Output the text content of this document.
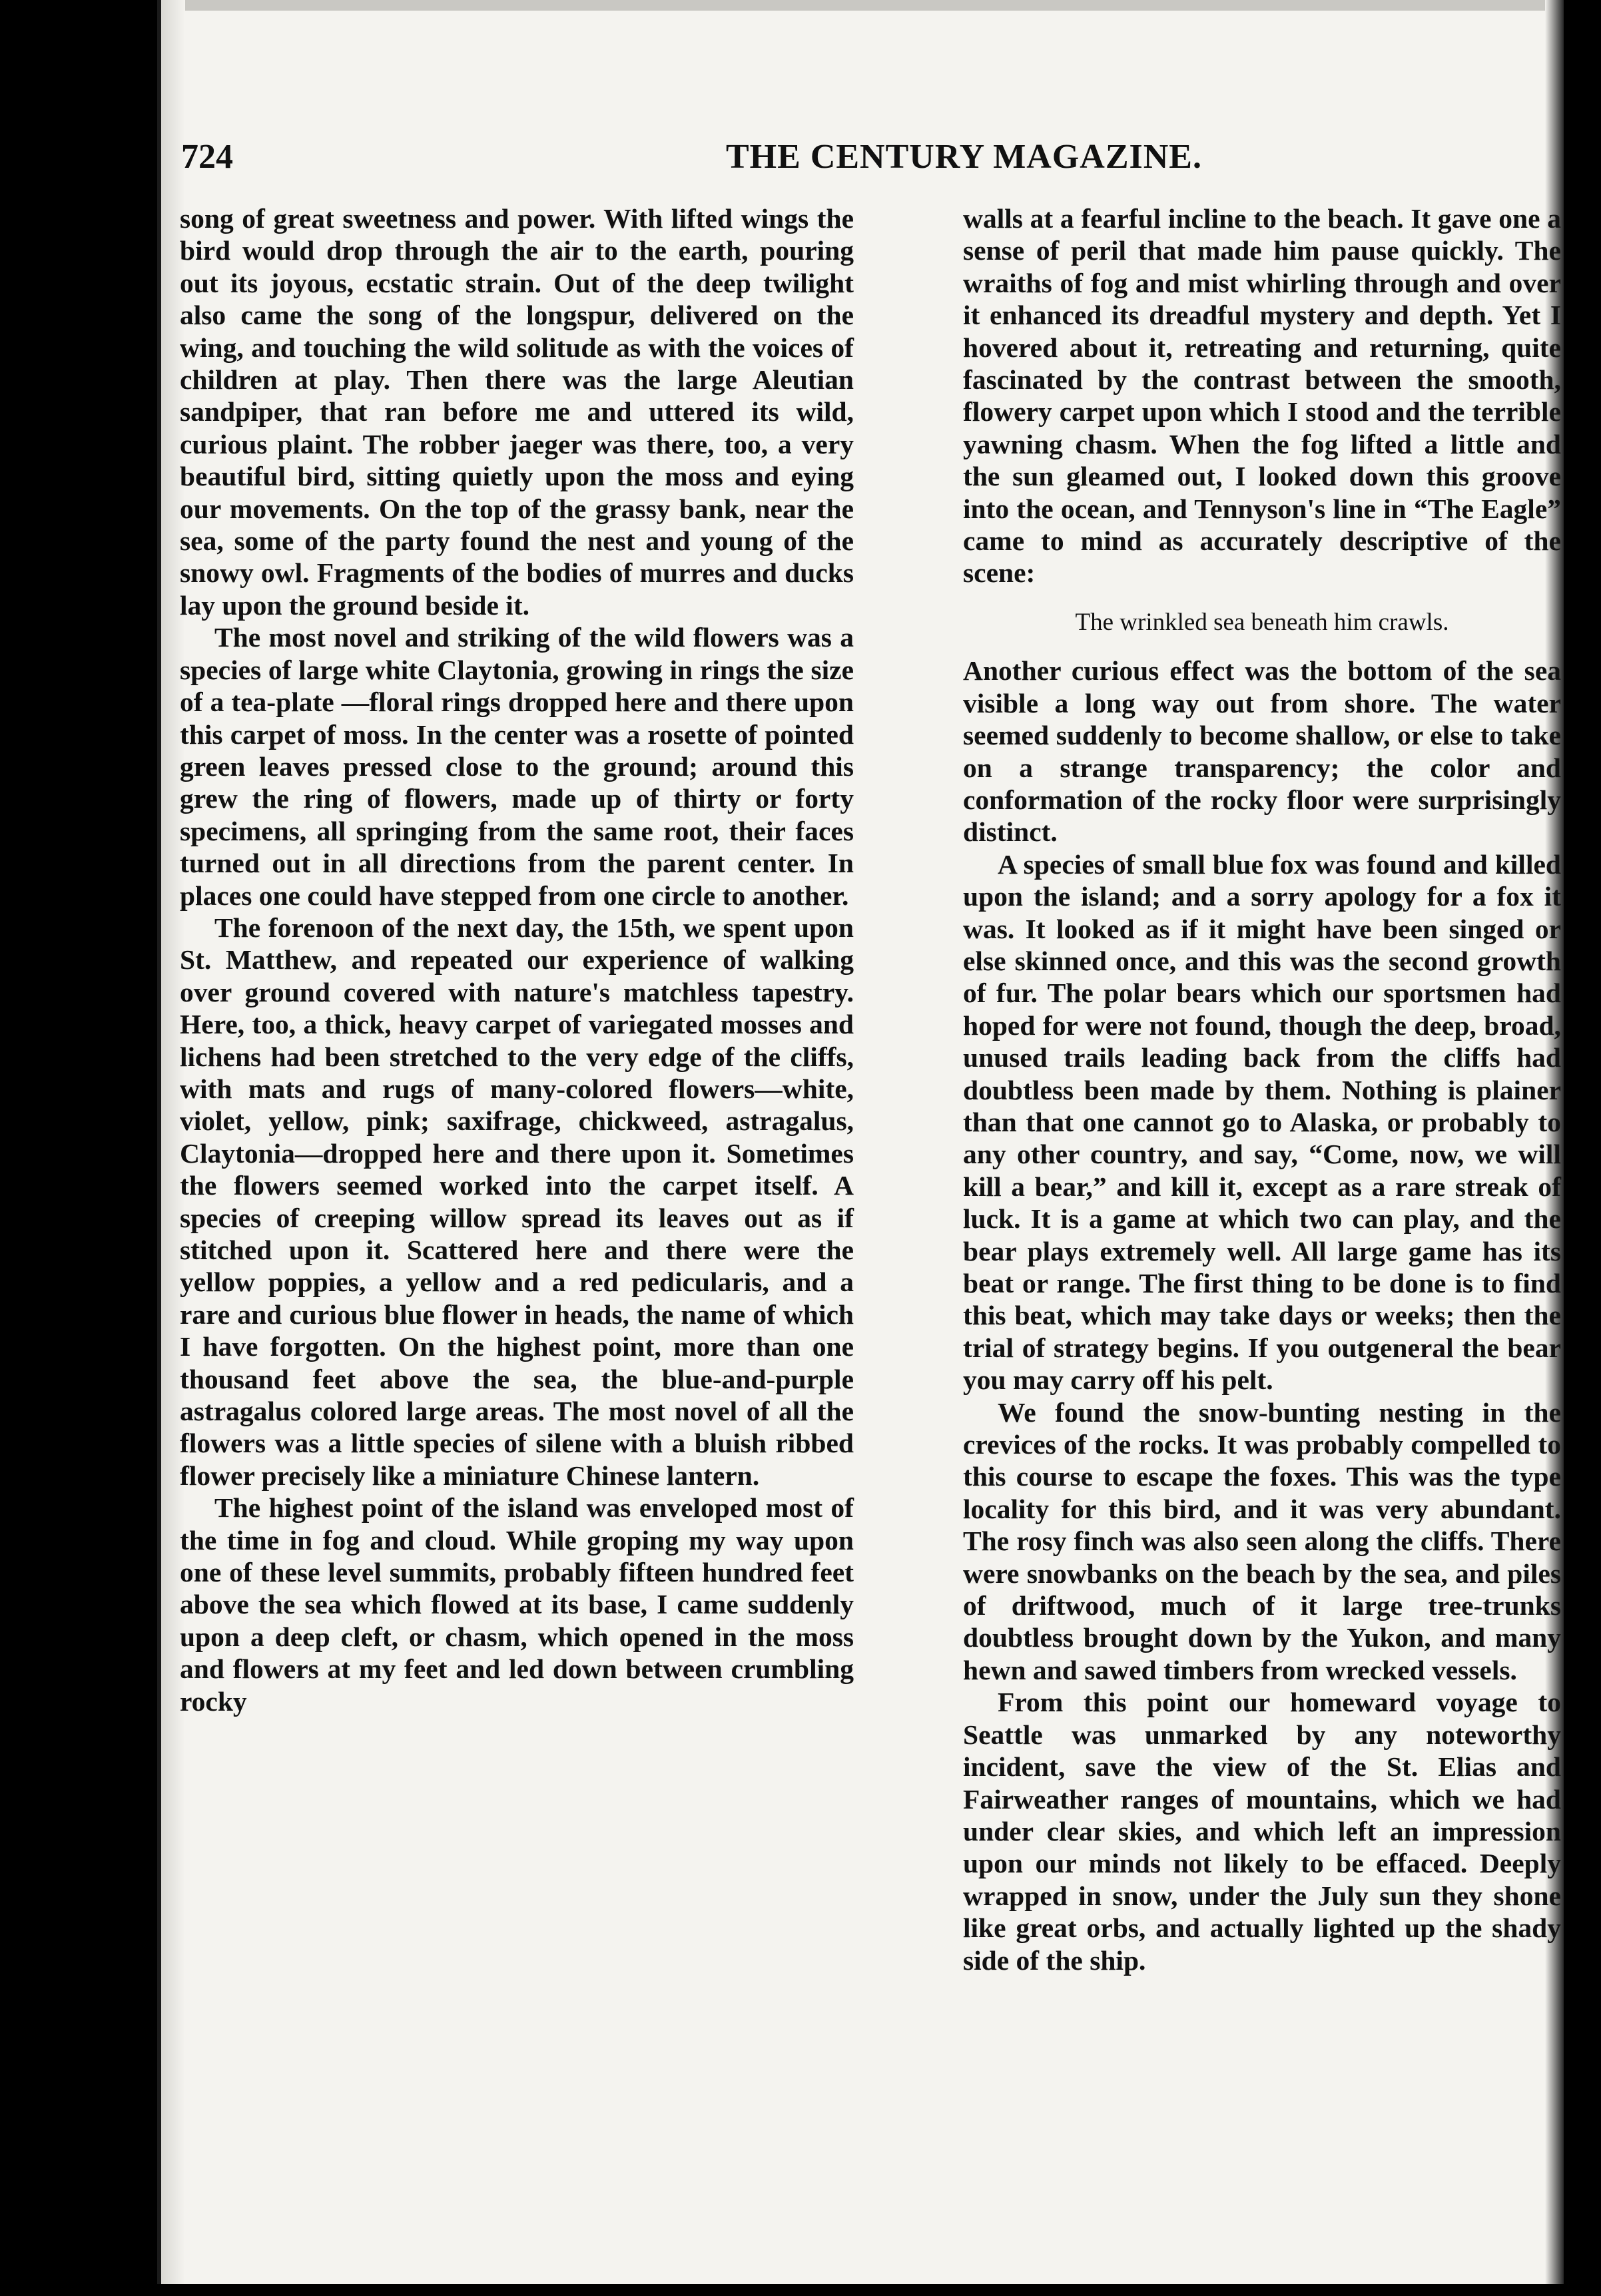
724	THE CENTURY MAGAZINE.

song of great sweetness and power. With lifted wings the bird would drop through the air to the earth, pouring out its joyous, ecstatic strain. Out of the deep twilight also came the song of the longspur, delivered on the wing, and touching the wild solitude as with the voices of children at play. Then there was the large Aleutian sandpiper, that ran before me and uttered its wild, curious plaint. The robber jaeger was there, too, a very beautiful bird, sitting quietly upon the moss and eying our movements. On the top of the grassy bank, near the sea, some of the party found the nest and young of the snowy owl. Fragments of the bodies of murres and ducks lay upon the ground beside it.

The most novel and striking of the wild flowers was a species of large white Claytonia, growing in rings the size of a tea-plate —floral rings dropped here and there upon this carpet of moss. In the center was a rosette of pointed green leaves pressed close to the ground; around this grew the ring of flowers, made up of thirty or forty specimens, all springing from the same root, their faces turned out in all directions from the parent center. In places one could have stepped from one circle to another.

The forenoon of the next day, the 15th, we spent upon St. Matthew, and repeated our experience of walking over ground covered with nature's matchless tapestry. Here, too, a thick, heavy carpet of variegated mosses and lichens had been stretched to the very edge of the cliffs, with mats and rugs of many-colored flowers—white, violet, yellow, pink; saxifrage, chickweed, astragalus, Claytonia—dropped here and there upon it. Sometimes the flowers seemed worked into the carpet itself. A species of creeping willow spread its leaves out as if stitched upon it. Scattered here and there were the yellow poppies, a yellow and a red pedicularis, and a rare and curious blue flower in heads, the name of which I have forgotten. On the highest point, more than one thousand feet above the sea, the blue-and-purple astragalus colored large areas. The most novel of all the flowers was a little species of silene with a bluish ribbed flower precisely like a miniature Chinese lantern.

The highest point of the island was enveloped most of the time in fog and cloud. While groping my way upon one of these level summits, probably fifteen hundred feet above the sea which flowed at its base, I came suddenly upon a deep cleft, or chasm, which opened in the moss and flowers at my feet and led down between crumbling rocky

walls at a fearful incline to the beach. It gave one a sense of peril that made him pause quickly. The wraiths of fog and mist whirling through and over it enhanced its dreadful mystery and depth. Yet I hovered about it, retreating and returning, quite fascinated by the contrast between the smooth, flowery carpet upon which I stood and the terrible yawning chasm. When the fog lifted a little and the sun gleamed out, I looked down this groove into the ocean, and Tennyson's line in “The Eagle” came to mind as accurately descriptive of the scene:

The wrinkled sea beneath him crawls.

Another curious effect was the bottom of the sea visible a long way out from shore. The water seemed suddenly to become shallow, or else to take on a strange transparency; the color and conformation of the rocky floor were surprisingly distinct.

A species of small blue fox was found and killed upon the island; and a sorry apology for a fox it was. It looked as if it might have been singed or else skinned once, and this was the second growth of fur. The polar bears which our sportsmen had hoped for were not found, though the deep, broad, unused trails leading back from the cliffs had doubtless been made by them. Nothing is plainer than that one cannot go to Alaska, or probably to any other country, and say, “Come, now, we will kill a bear,” and kill it, except as a rare streak of luck. It is a game at which two can play, and the bear plays extremely well. All large game has its beat or range. The first thing to be done is to find this beat, which may take days or weeks; then the trial of strategy begins. If you outgeneral the bear you may carry off his pelt.

We found the snow-bunting nesting in the crevices of the rocks. It was probably compelled to this course to escape the foxes. This was the type locality for this bird, and it was very abundant. The rosy finch was also seen along the cliffs. There were snowbanks on the beach by the sea, and piles of driftwood, much of it large tree-trunks doubtless brought down by the Yukon, and many hewn and sawed timbers from wrecked vessels.

From this point our homeward voyage to Seattle was unmarked by any noteworthy incident, save the view of the St. Elias and Fairweather ranges of mountains, which we had under clear skies, and which left an impression upon our minds not likely to be effaced. Deeply wrapped in snow, under the July sun they shone like great orbs, and actually lighted up the shady side of the ship.
